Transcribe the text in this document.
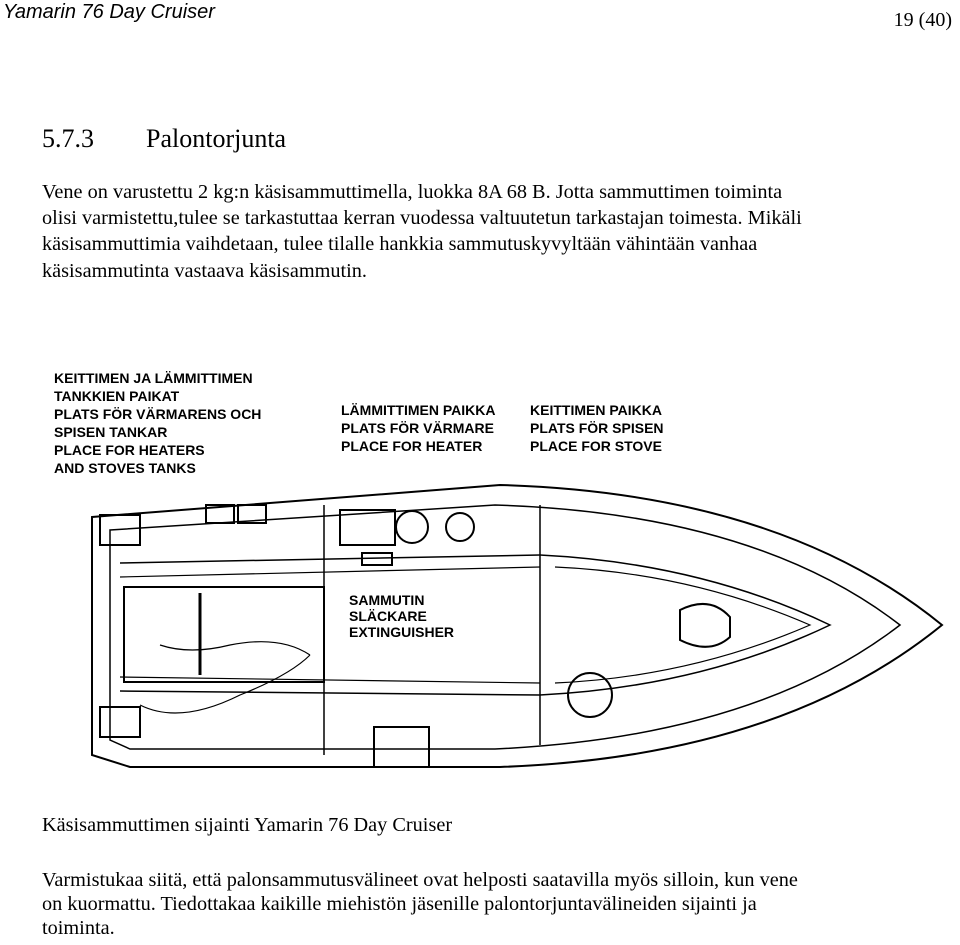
Yamarin 76 Day Cruiser	19 (40)
5.7.3 Palontorjunta

Vene on varustettu 2 kg:n käsisammuttimella, luokka 8A 68 B. Jotta sammuttimen toiminta

olisi varmistettu,tulee se tarkastuttaa kerran vuodessa valtuutetun tarkastajan toimesta. Mikäli

käsisammuttimia vaihdetaan, tulee tilalle hankkia sammutuskyvyltään vähintään vanhaa

käsisammutinta vastaava käsisammutin.

KEITTIMEN JA LÄMMITTIMEN
TANKKIEN PAIKAT
PLATS FÖR VÄRMARENS OCH
SPISEN TANKAR
PLACE FOR HEATERS
AND STOVES TANKS
LÄMMITTIMEN PAIKKA
PLATS FÖR VÄRMARE
PLACE FOR HEATER
KEITTIMEN PAIKKA
PLATS FÖR SPISEN
PLACE FOR STOVE
SAMMUTIN
SLÄCKARE
EXTINGUISHER
Käsisammuttimen sijainti Yamarin 76 Day Cruiser

Varmistukaa siitä, että palonsammutusvälineet ovat helposti saatavilla myös silloin, kun vene

on kuormattu. Tiedottakaa kaikille miehistön jäsenille palontorjuntavälineiden sijainti ja

toiminta.
